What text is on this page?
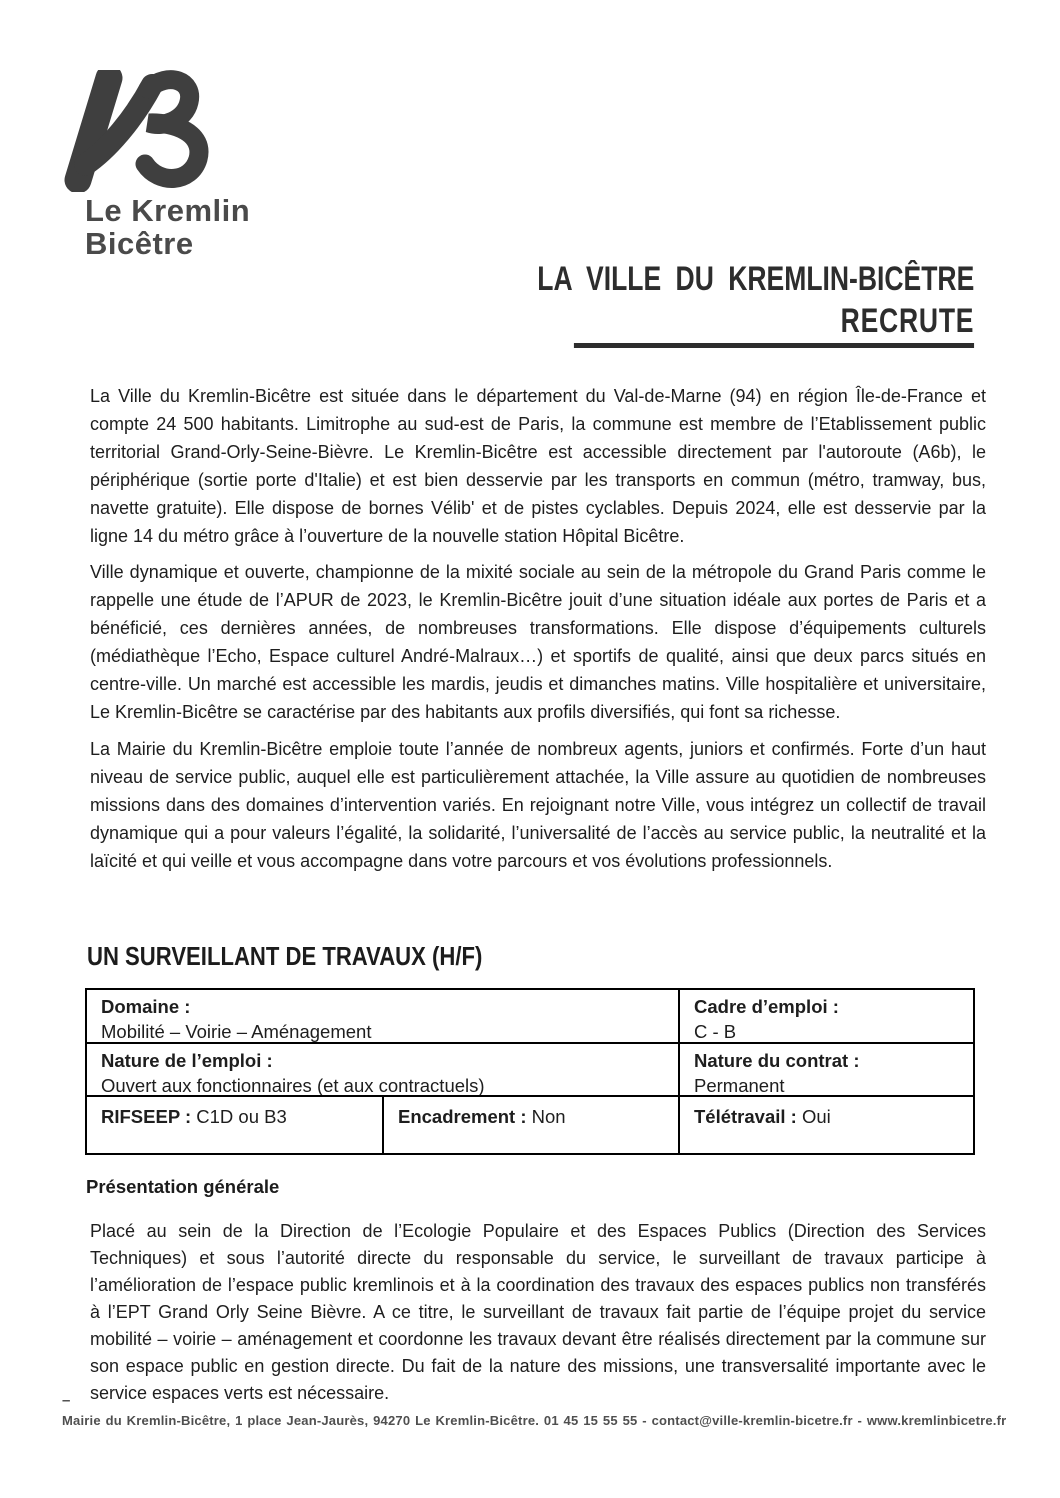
Le Kremlin
Bicêtre
LA VILLE DU KREMLIN-BICÊTRE
RECRUTE

La Ville du Kremlin-Bicêtre est située dans le département du Val-de-Marne (94) en région Île-de-France et compte 24 500 habitants. Limitrophe au sud-est de Paris, la commune est membre de l’Etablissement public territorial Grand-Orly-Seine-Bièvre. Le Kremlin-Bicêtre est accessible directement par l'autoroute (A6b), le périphérique (sortie porte d'Italie) et est bien desservie par les transports en commun (métro, tramway, bus, navette gratuite). Elle dispose de bornes Vélib' et de pistes cyclables. Depuis 2024, elle est desservie par la ligne 14 du métro grâce à l’ouverture de la nouvelle station Hôpital Bicêtre.

Ville dynamique et ouverte, championne de la mixité sociale au sein de la métropole du Grand Paris comme le rappelle une étude de l’APUR de 2023, le Kremlin-Bicêtre jouit d’une situation idéale aux portes de Paris et a bénéficié, ces dernières années, de nombreuses transformations. Elle dispose d’équipements culturels (médiathèque l’Echo, Espace culturel André-Malraux…) et sportifs de qualité, ainsi que deux parcs situés en centre-ville. Un marché est accessible les mardis, jeudis et dimanches matins. Ville hospitalière et universitaire, Le Kremlin-Bicêtre se caractérise par des habitants aux profils diversifiés, qui font sa richesse.

La Mairie du Kremlin-Bicêtre emploie toute l’année de nombreux agents, juniors et confirmés. Forte d’un haut niveau de service public, auquel elle est particulièrement attachée, la Ville assure au quotidien de nombreuses missions dans des domaines d’intervention variés. En rejoignant notre Ville, vous intégrez un collectif de travail dynamique qui a pour valeurs l’égalité, la solidarité, l’universalité de l’accès au service public, la neutralité et la laïcité et qui veille et vous accompagne dans votre parcours et vos évolutions professionnels.

UN SURVEILLANT DE TRAVAUX (H/F)
Domaine :
Mobilité – Voirie – Aménagement
Cadre d’emploi :
C - B
Nature de l’emploi :
Ouvert aux fonctionnaires (et aux contractuels)
Nature du contrat :
Permanent
RIFSEEP : C1D ou B3	Encadrement : Non	Télétravail : Oui
Présentation générale

Placé au sein de la Direction de l’Ecologie Populaire et des Espaces Publics (Direction des Services Techniques) et sous l’autorité directe du responsable du service, le surveillant de travaux participe à l’amélioration de l’espace public kremlinois et à la coordination des travaux des espaces publics non transférés à l’EPT Grand Orly Seine Bièvre. A ce titre, le surveillant de travaux fait partie de l’équipe projet du service mobilité – voirie – aménagement et coordonne les travaux devant être réalisés directement par la commune sur son espace public en gestion directe. Du fait de la nature des missions, une transversalité importante avec le service espaces verts est nécessaire.

–
Mairie du Kremlin-Bicêtre, 1 place Jean-Jaurès, 94270 Le Kremlin-Bicêtre. 01 45 15 55 55 - contact@ville-kremlin-bicetre.fr - www.kremlinbicetre.fr
